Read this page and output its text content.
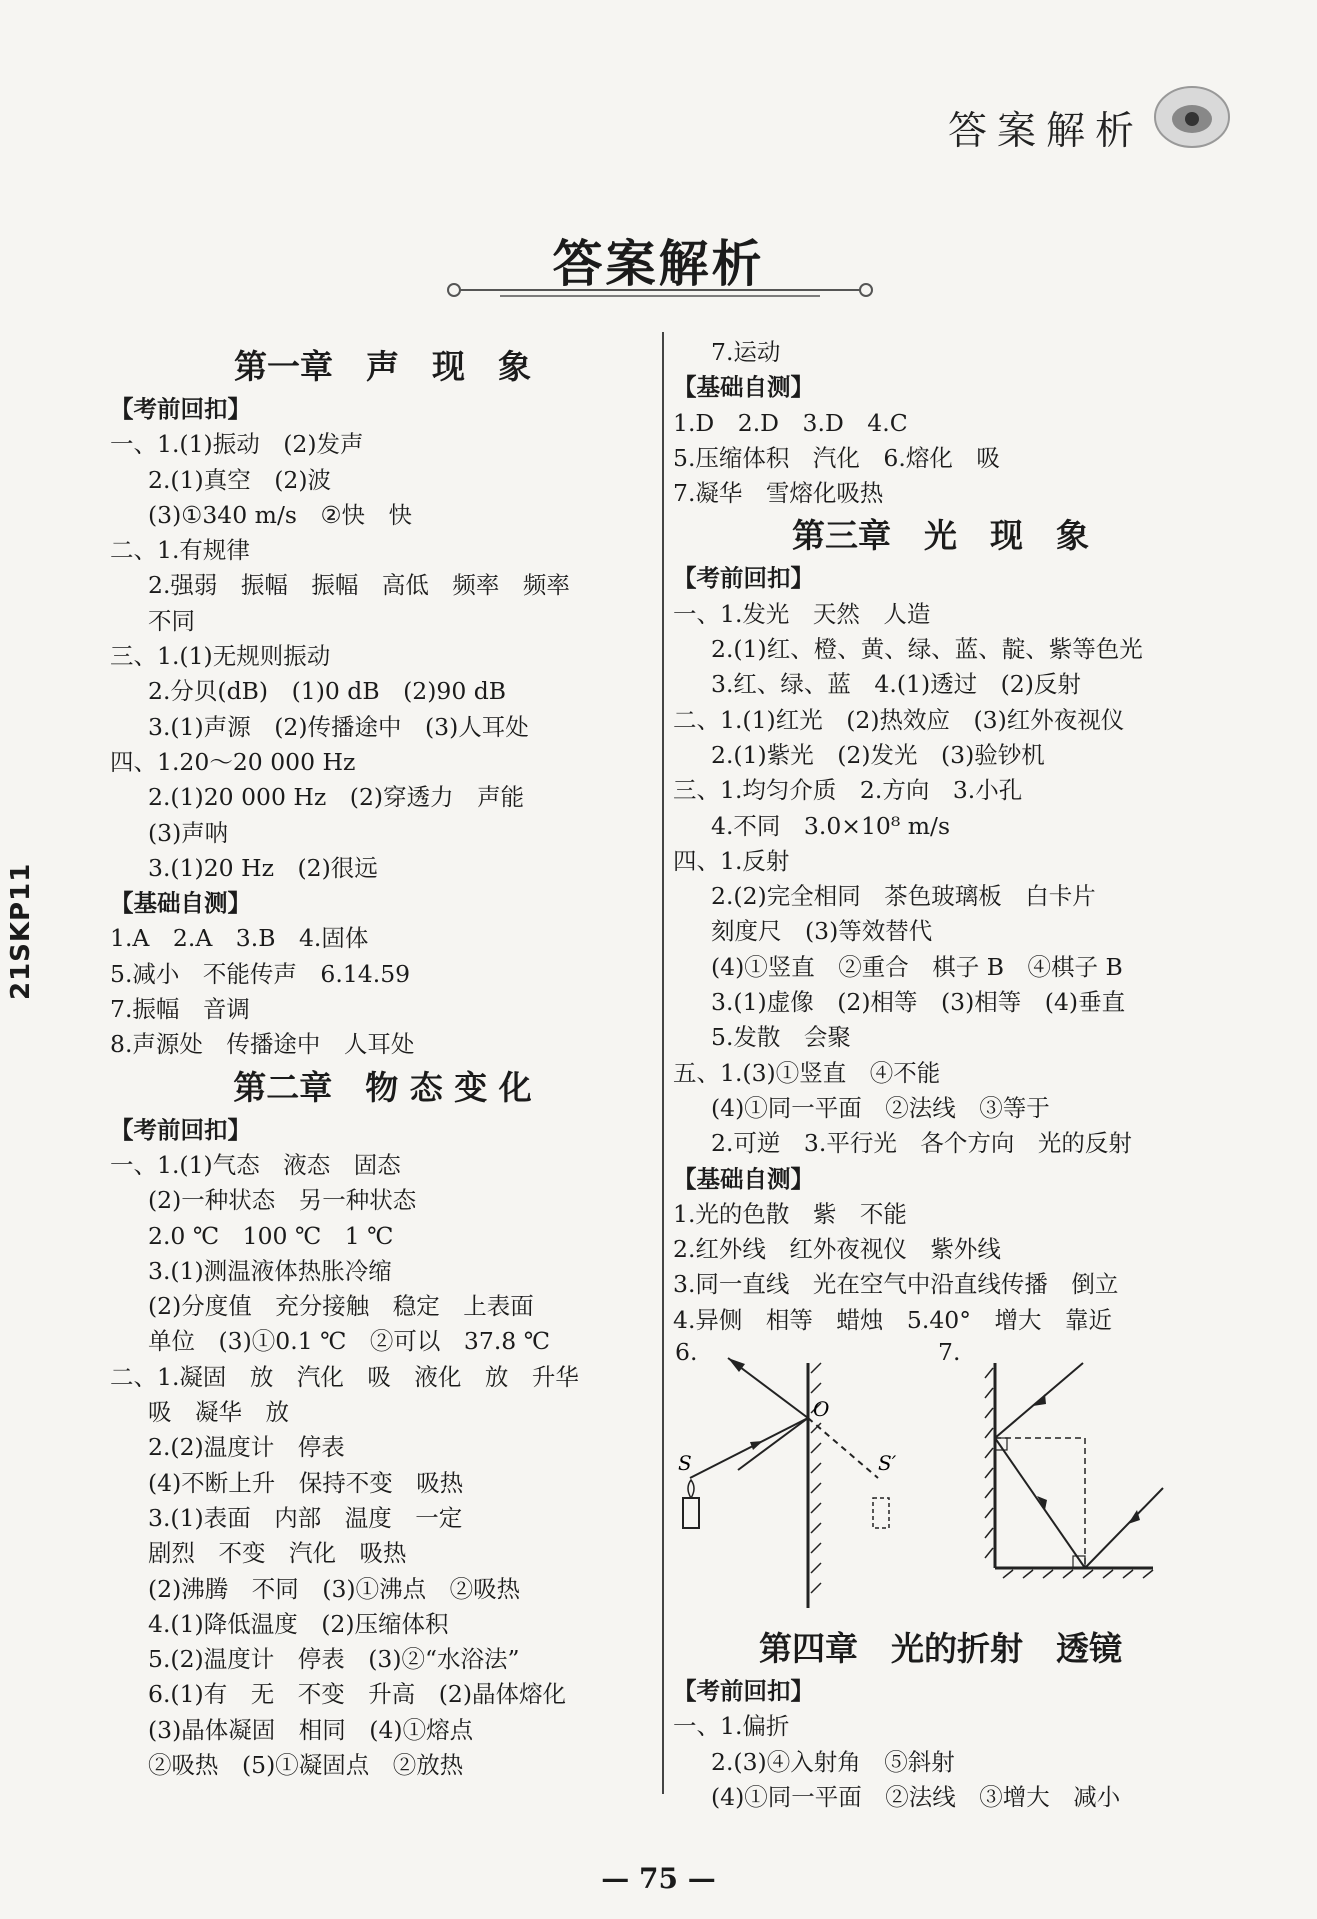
答案解析
答案解析
21SKP11
第一章　声　现　象
【考前回扣】
一、1.(1)振动　(2)发声
2.(1)真空　(2)波
(3)①340 m/s　②快　快
二、1.有规律
2.强弱　振幅　振幅　高低　频率　频率
不同
三、1.(1)无规则振动
2.分贝(dB)　(1)0 dB　(2)90 dB
3.(1)声源　(2)传播途中　(3)人耳处
四、1.20～20 000 Hz
2.(1)20 000 Hz　(2)穿透力　声能
(3)声呐
3.(1)20 Hz　(2)很远
【基础自测】
1.A　2.A　3.B　4.固体
5.减小　不能传声　6.14.59
7.振幅　音调
8.声源处　传播途中　人耳处
第二章　物 态 变 化
【考前回扣】
一、1.(1)气态　液态　固态
(2)一种状态　另一种状态
2.0 ℃　100 ℃　1 ℃
3.(1)测温液体热胀冷缩
(2)分度值　充分接触　稳定　上表面
单位　(3)①0.1 ℃　②可以　37.8 ℃
二、1.凝固　放　汽化　吸　液化　放　升华
吸　凝华　放
2.(2)温度计　停表
(4)不断上升　保持不变　吸热
3.(1)表面　内部　温度　一定
剧烈　不变　汽化　吸热
(2)沸腾　不同　(3)①沸点　②吸热
4.(1)降低温度　(2)压缩体积
5.(2)温度计　停表　(3)②“水浴法”
6.(1)有　无　不变　升高　(2)晶体熔化
(3)晶体凝固　相同　(4)①熔点
②吸热　(5)①凝固点　②放热
7.运动
【基础自测】
1.D　2.D　3.D　4.C
5.压缩体积　汽化　6.熔化　吸
7.凝华　雪熔化吸热
第三章　光　现　象
【考前回扣】
一、1.发光　天然　人造
2.(1)红、橙、黄、绿、蓝、靛、紫等色光
3.红、绿、蓝　4.(1)透过　(2)反射
二、1.(1)红光　(2)热效应　(3)红外夜视仪
2.(1)紫光　(2)发光　(3)验钞机
三、1.均匀介质　2.方向　3.小孔
4.不同　3.0×10⁸ m/s
四、1.反射
2.(2)完全相同　茶色玻璃板　白卡片
刻度尺　(3)等效替代
(4)①竖直　②重合　棋子 B　④棋子 B
3.(1)虚像　(2)相等　(3)相等　(4)垂直
5.发散　会聚
五、1.(3)①竖直　④不能
(4)①同一平面　②法线　③等于
2.可逆　3.平行光　各个方向　光的反射
【基础自测】
1.光的色散　紫　不能
2.红外线　红外夜视仪　紫外线
3.同一直线　光在空气中沿直线传播　倒立
4.异侧　相等　蜡烛　5.40°　增大　靠近
6.	7.
O
S	S′
第四章　光的折射　透镜
【考前回扣】
一、1.偏折
2.(3)④入射角　⑤斜射
(4)①同一平面　②法线　③增大　减小
— 75 —
